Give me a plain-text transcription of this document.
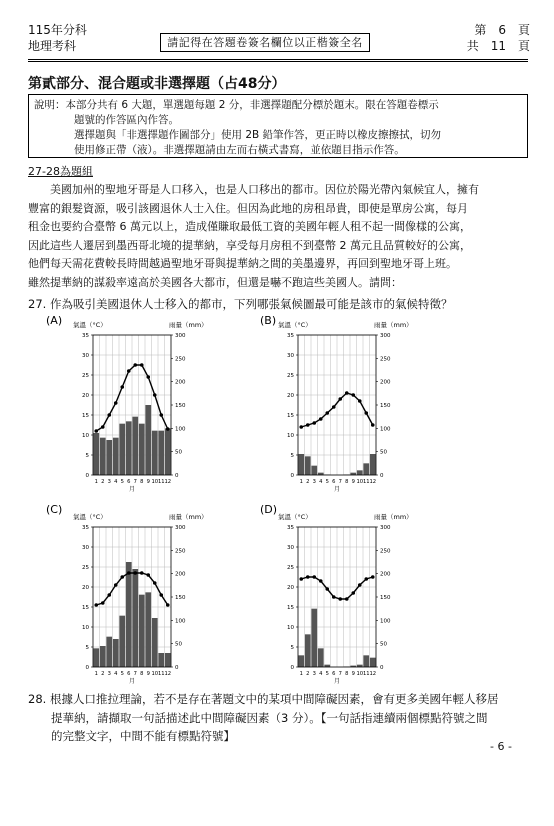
115年分科
地理考科	請記得在答題卷簽名欄位以正楷簽全名
第　6　頁
共　11　頁
第貳部分、混合題或非選擇題（占48分）
說明：本部分共有 6 大題，單選題每題 2 分，非選擇題配分標於題末。限在答題卷標示
題號的作答區內作答。
選擇題與「非選擇題作圖部分」使用 2B 鉛筆作答，更正時以橡皮擦擦拭，切勿
使用修正帶（液）。非選擇題請由左而右橫式書寫，並依題目指示作答。
27-28為題組
　　美國加州的聖地牙哥是人口移入，也是人口移出的都市。因位於陽光帶內氣候宜人，擁有
豐富的銀髮資源，吸引該國退休人士入住。但因為此地的房租昂貴，即使是單房公寓，每月
租金也要約合臺幣 6 萬元以上，造成僅賺取最低工資的美國年輕人租不起一間像樣的公寓，
因此這些人遷居到墨西哥北境的提華納，享受每月房租不到臺幣 2 萬元且品質較好的公寓，
他們每天需花費較長時間越過聖地牙哥與提華納之間的美墨邊界，再回到聖地牙哥上班。
雖然提華納的謀殺率遠高於美國各大都市，但還是嚇不跑這些美國人。請問：
27. 作為吸引美國退休人士移入的都市，下列哪張氣候圖最可能是該市的氣候特徵？
(A) 氣溫（°C）	雨量（mm）
0
5
10
15
20
25
30
35
0
50
100
150
200
250
300
1 2 3 4 5 6 7 8 9 10 11 12
月
(B) 氣溫（°C）	雨量（mm）
0
5
10
15
20
25
30
35
0
50
100
150
200
250
300
1 2 3 4 5 6 7 8 9 10 11 12
月
(C)
氣溫（°C）	雨量（mm）
0
5
10
15
20
25
30
35
0
50
100
150
200
250
300
1 2 3 4 5 6 7 8 9 10 11 12
月
(D)
氣溫（°C）	雨量（mm）
0
5
10
15
20
25
30
35
0
50
100
150
200
250
300
1 2 3 4 5 6 7 8 9 10 11 12
月
28. 根據人口推拉理論，若不是存在著題文中的某項中間障礙因素，會有更多美國年輕人移居
　　提華納，請擷取一句話描述此中間障礙因素（3 分）。【一句話指連續兩個標點符號之間
　　的完整文字，中間不能有標點符號】
- 6 -
